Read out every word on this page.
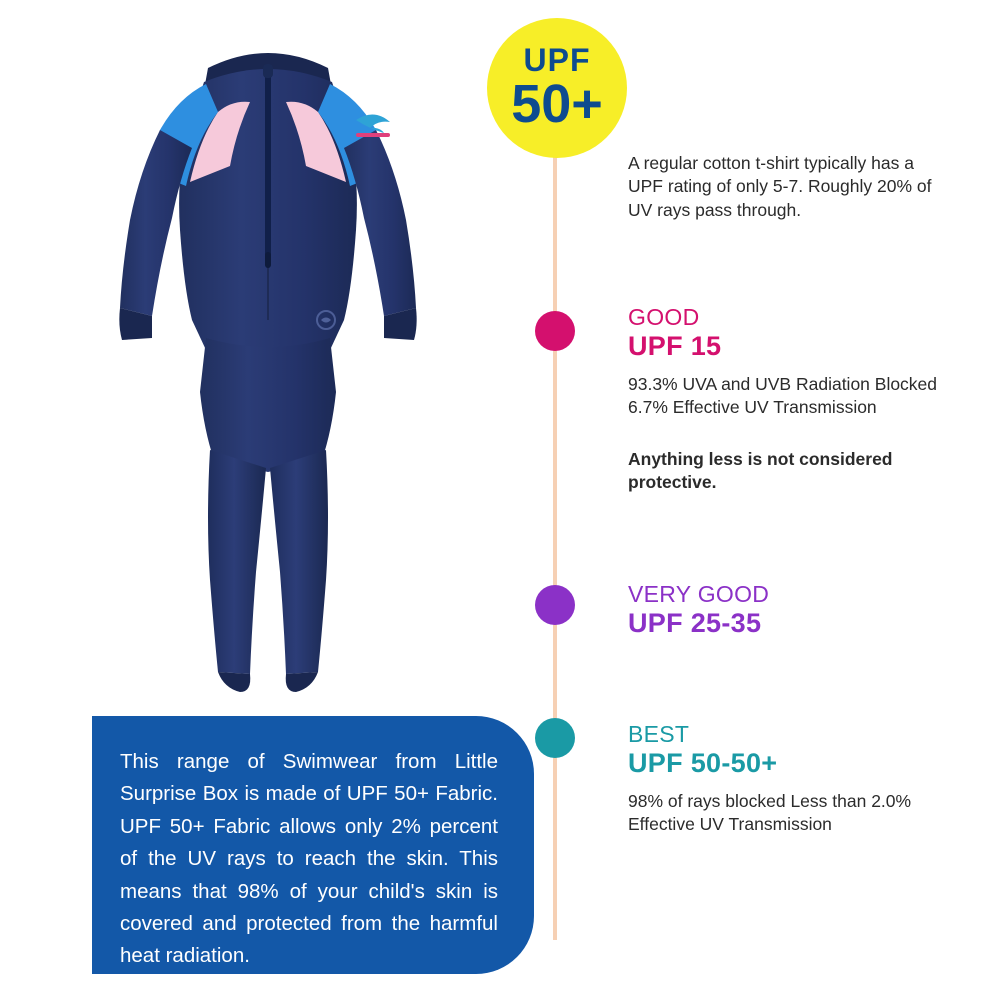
UPF
50+
A regular cotton t-shirt typically has a UPF rating of only 5-7. Roughly 20% of UV rays pass through.
GOOD
UPF 15
93.3% UVA and UVB Radiation Blocked 6.7% Effective UV Transmission
Anything less is not considered protective.
VERY GOOD
UPF 25-35
BEST
UPF 50-50+
98% of rays blocked Less than 2.0% Effective UV Transmission
This range of Swimwear from Little Surprise Box is made of UPF 50+ Fabric. UPF 50+ Fabric allows only 2% percent of the UV rays to reach the skin. This means that 98% of your child's skin is covered and protected from the harmful heat radiation.
